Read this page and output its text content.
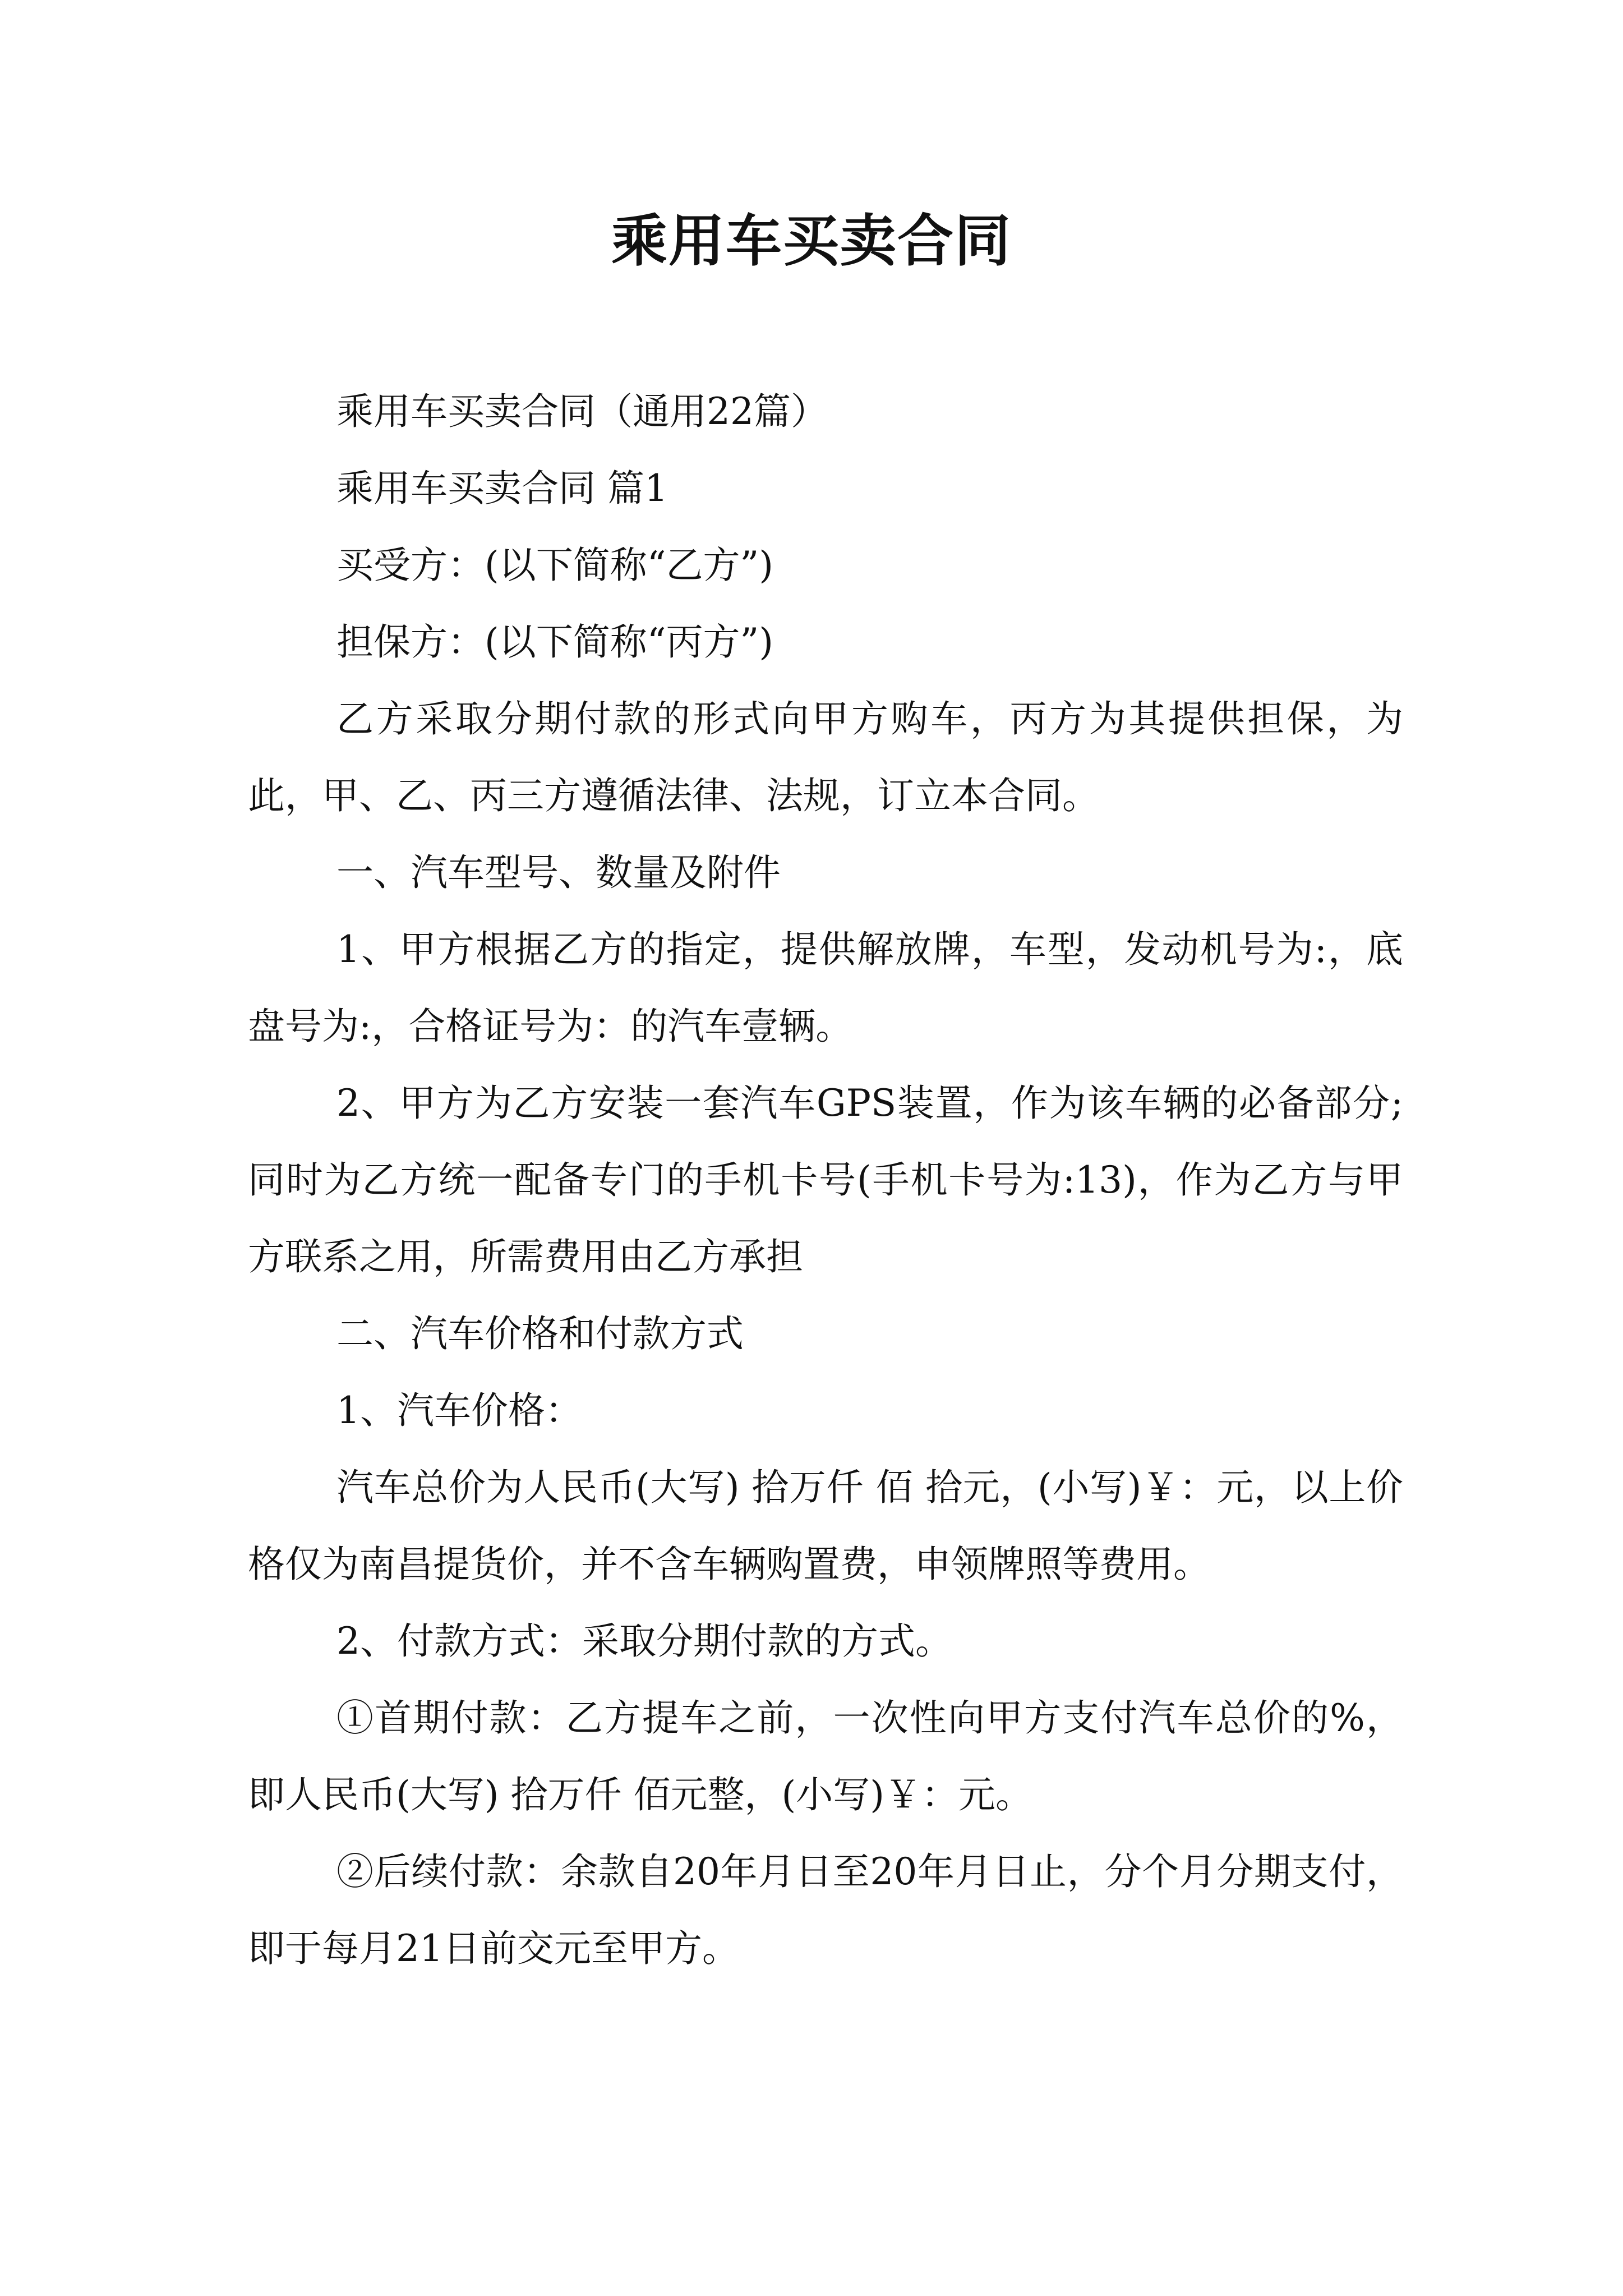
乘用车买卖合同

乘用车买卖合同（通用22篇）

乘用车买卖合同 篇1

买受方：(以下简称“乙方”)

担保方：(以下简称“丙方”)

乙方采取分期付款的形式向甲方购车，丙方为其提供担保，为此，甲、乙、丙三方遵循法律、法规，订立本合同。

一、汽车型号、数量及附件

1、甲方根据乙方的指定，提供解放牌，车型，发动机号为:，底盘号为:，合格证号为：的汽车壹辆。

2、甲方为乙方安装一套汽车GPS装置，作为该车辆的必备部分;同时为乙方统一配备专门的手机卡号(手机卡号为:13)，作为乙方与甲方联系之用，所需费用由乙方承担

二、汽车价格和付款方式

1、汽车价格：

汽车总价为人民币(大写) 拾万仟 佰 拾元，(小写)￥：元，以上价格仅为南昌提货价，并不含车辆购置费，申领牌照等费用。

2、付款方式：采取分期付款的方式。

①首期付款：乙方提车之前，一次性向甲方支付汽车总价的%，即人民币(大写) 拾万仟 佰元整，(小写)￥：元。

②后续付款：余款自20年月日至20年月日止，分个月分期支付，即于每月21日前交元至甲方。
